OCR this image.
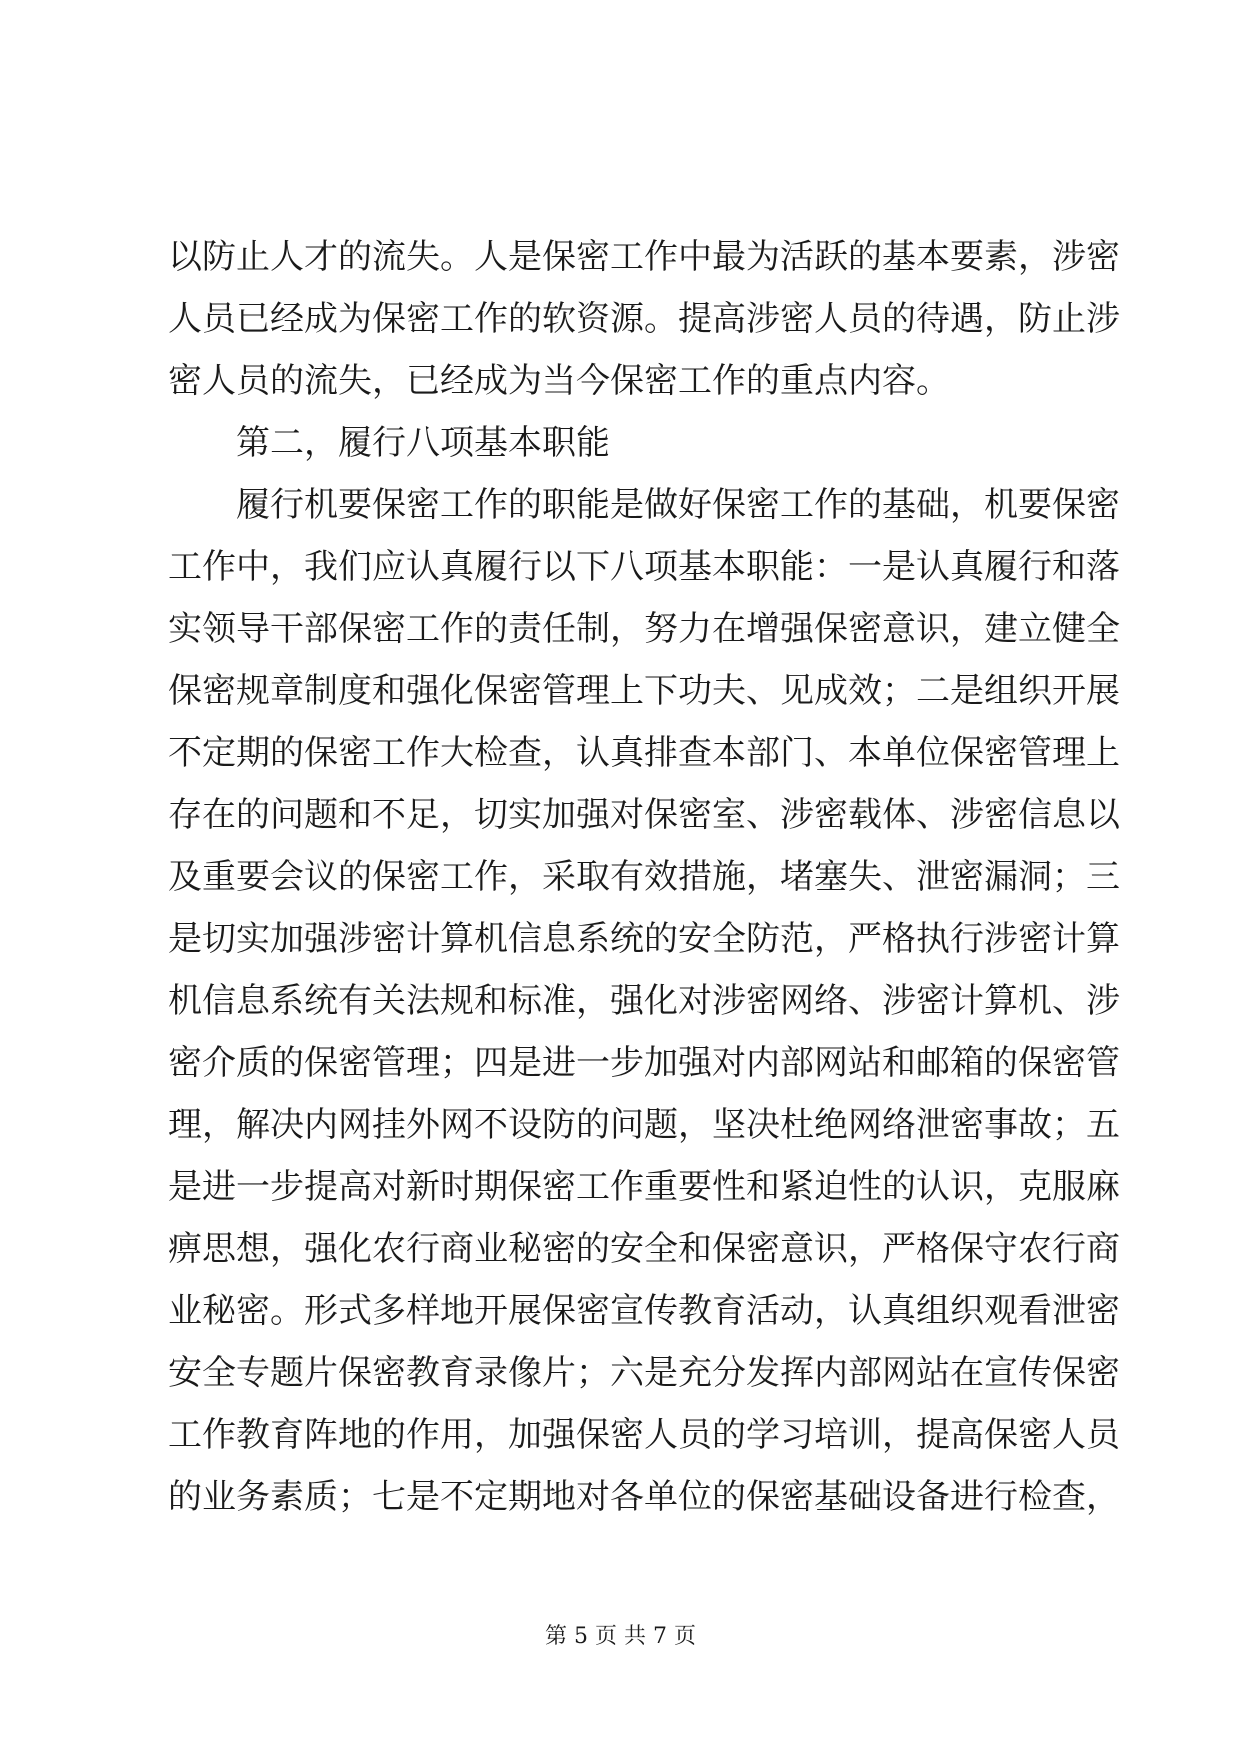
以防止人才的流失。人是保密工作中最为活跃的基本要素，涉密
人员已经成为保密工作的软资源。提高涉密人员的待遇，防止涉
密人员的流失，已经成为当今保密工作的重点内容。
第二，履行八项基本职能
履行机要保密工作的职能是做好保密工作的基础，机要保密
工作中，我们应认真履行以下八项基本职能：一是认真履行和落
实领导干部保密工作的责任制，努力在增强保密意识，建立健全
保密规章制度和强化保密管理上下功夫、见成效；二是组织开展
不定期的保密工作大检查，认真排查本部门、本单位保密管理上
存在的问题和不足，切实加强对保密室、涉密载体、涉密信息以
及重要会议的保密工作，采取有效措施，堵塞失、泄密漏洞；三
是切实加强涉密计算机信息系统的安全防范，严格执行涉密计算
机信息系统有关法规和标准，强化对涉密网络、涉密计算机、涉
密介质的保密管理；四是进一步加强对内部网站和邮箱的保密管
理，解决内网挂外网不设防的问题，坚决杜绝网络泄密事故；五
是进一步提高对新时期保密工作重要性和紧迫性的认识，克服麻
痹思想，强化农行商业秘密的安全和保密意识，严格保守农行商
业秘密。形式多样地开展保密宣传教育活动，认真组织观看泄密
安全专题片保密教育录像片；六是充分发挥内部网站在宣传保密
工作教育阵地的作用，加强保密人员的学习培训，提高保密人员
的业务素质；七是不定期地对各单位的保密基础设备进行检查，
第 5 页 共 7 页
